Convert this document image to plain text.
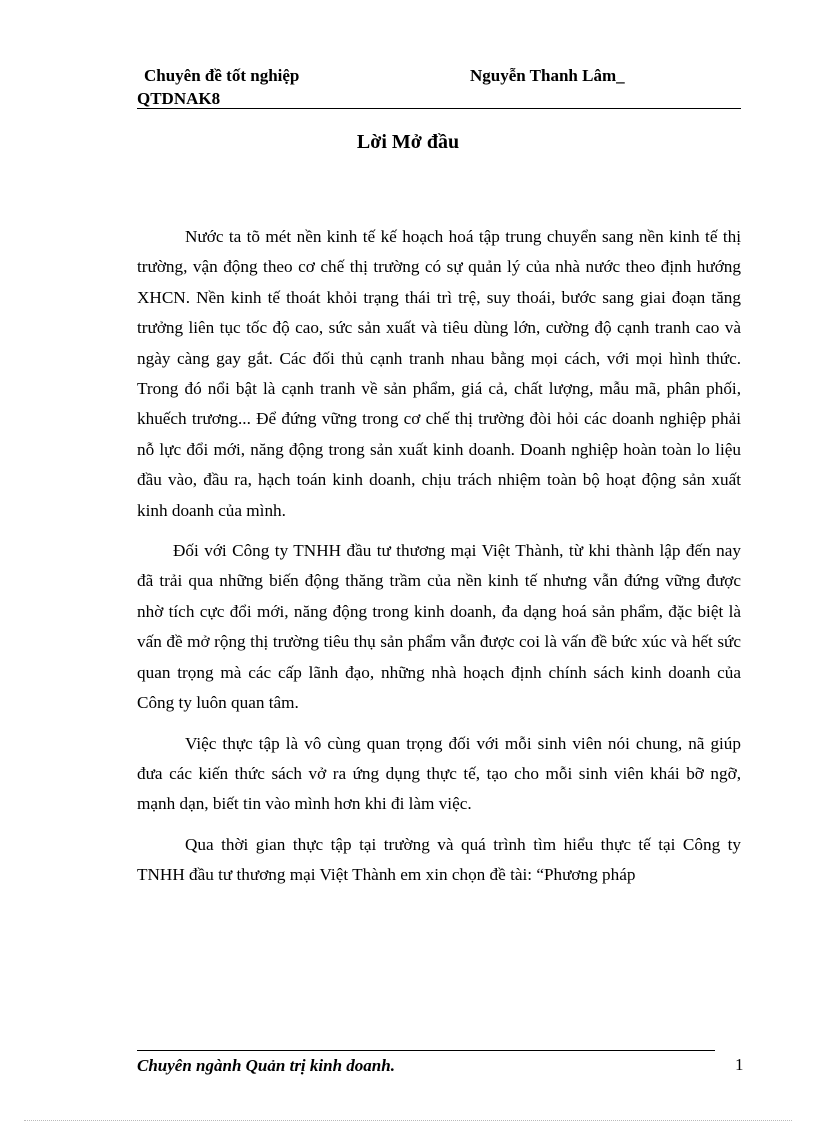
Chuyên đề tốt nghiệp	Nguyễn Thanh Lâm_
QTDNAK8
Lời Mở đầu

Nước ta tõ mét nền kinh tế kế hoạch hoá tập trung chuyển sang nền kinh tế thị trường, vận động theo cơ chế thị trường có sự quản lý của nhà nước theo định hướng XHCN. Nền kinh tế thoát khỏi trạng thái trì trệ, suy thoái, bước sang giai đoạn tăng trưởng liên tục tốc độ cao, sức sản xuất và tiêu dùng lớn, cường độ cạnh tranh cao và ngày càng gay gắt. Các đối thủ cạnh tranh nhau bằng mọi cách, với mọi hình thức. Trong đó nổi bật là cạnh tranh về sản phẩm, giá cả, chất lượng, mẫu mã, phân phối, khuếch trương... Để đứng vững trong cơ chế thị trường đòi hỏi các doanh nghiệp phải nỗ lực đổi mới, năng động trong sản xuất kinh doanh. Doanh nghiệp hoàn toàn lo liệu đầu vào, đầu ra, hạch toán kinh doanh, chịu trách nhiệm toàn bộ hoạt động sản xuất kinh doanh của mình.

Đối với Công ty TNHH đầu tư thương mại Việt Thành, từ khi thành lập đến nay đã trải qua những biến động thăng trầm của nền kinh tế nhưng vẫn đứng vững được nhờ tích cực đổi mới, năng động trong kinh doanh, đa dạng hoá sản phẩm, đặc biệt là vấn đề mở rộng thị trường tiêu thụ sản phẩm vẫn được coi là vấn đề bức xúc và hết sức quan trọng mà các cấp lãnh đạo, những nhà hoạch định chính sách kinh doanh của Công ty luôn quan tâm.

Việc thực tập là vô cùng quan trọng đối với mỗi sinh viên nói chung, nã giúp đưa các kiến thức sách vở ra ứng dụng thực tế, tạo cho mỗi sinh viên khái bỡ ngỡ, mạnh dạn, biết tin vào mình hơn khi đi làm việc.

Qua thời gian thực tập tại trường và quá trình tìm hiểu thực tế tại Công ty TNHH đầu tư thương mại Việt Thành em xin chọn đề tài: “Phương pháp

Chuyên ngành Quản trị kinh doanh.	1
